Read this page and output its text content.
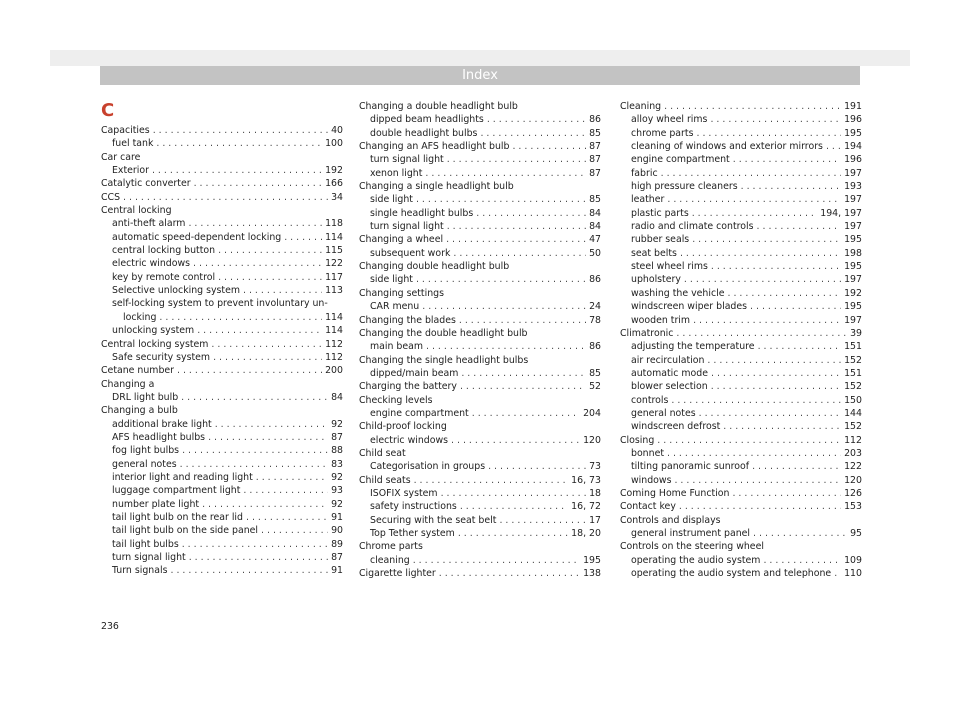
Index
C
Capacities . . .	40
fuel tank . . .	100
Car care
Exterior . . .	192
Catalytic converter . . .	166
CCS . . .	34
Central locking
anti-theft alarm . . .	118
automatic speed-dependent locking . . .	114
central locking button . . .	115
electric windows . . .	122
key by remote control . . .	117
Selective unlocking system . . .	113
self-locking system to prevent involuntary un-
locking . . .	114
unlocking system . . .	114
Central locking system . . .	112
Safe security system . . .	112
Cetane number . . .	200
Changing a
DRL light bulb . . .	84
Changing a bulb
additional brake light . . .	92
AFS headlight bulbs . . .	87
fog light bulbs . . .	88
general notes . . .	83
interior light and reading light . . .	92
luggage compartment light . . .	93
number plate light . . .	92
tail light bulb on the rear lid . . .	91
tail light bulb on the side panel . . .	90
tail light bulbs . . .	89
turn signal light . . .	87
Turn signals . . .	91
Changing a double headlight bulb
dipped beam headlights . . .	86
double headlight bulbs . . .	85
Changing an AFS headlight bulb . . .	87
turn signal light . . .	87
xenon light . . .	87
Changing a single headlight bulb
side light . . .	85
single headlight bulbs . . .	84
turn signal light . . .	84
Changing a wheel . . .	47
subsequent work . . .	50
Changing double headlight bulb
side light . . .	86
Changing settings
CAR menu . . .	24
Changing the blades . . .	78
Changing the double headlight bulb
main beam . . .	86
Changing the single headlight bulbs
dipped/main beam . . .	85
Charging the battery . . .	52
Checking levels
engine compartment . . .	204
Child-proof locking
electric windows . . .	120
Child seat
Categorisation in groups . . .	73
Child seats . . .	16, 73
ISOFIX system . . .	18
safety instructions . . .	16, 72
Securing with the seat belt . . .	17
Top Tether system . . .	18, 20
Chrome parts
cleaning . . .	195
Cigarette lighter . . .	138
Cleaning . . .	191
alloy wheel rims . . .	196
chrome parts . . .	195
cleaning of windows and exterior mirrors . . . 194
engine compartment . . .	196
fabric . . .	197
high pressure cleaners . . .	193
leather . . .	197
plastic parts . . .	194, 197
radio and climate controls . . .	197
rubber seals . . .	195
seat belts . . .	198
steel wheel rims . . .	195
upholstery . . .	197
washing the vehicle . . .	192
windscreen wiper blades . . .	195
wooden trim . . .	197
Climatronic . . .	39
adjusting the temperature . . .	151
air recirculation . . .	152
automatic mode . . .	151
blower selection . . .	152
controls . . .	150
general notes . . .	144
windscreen defrost . . .	152
Closing . . .	112
bonnet . . .	203
tilting panoramic sunroof . . .	122
windows . . .	120
Coming Home Function . . .	126
Contact key . . .	153
Controls and displays
general instrument panel . . .	95
Controls on the steering wheel
operating the audio system . . .	109
operating the audio system and telephone . . . 110
236
